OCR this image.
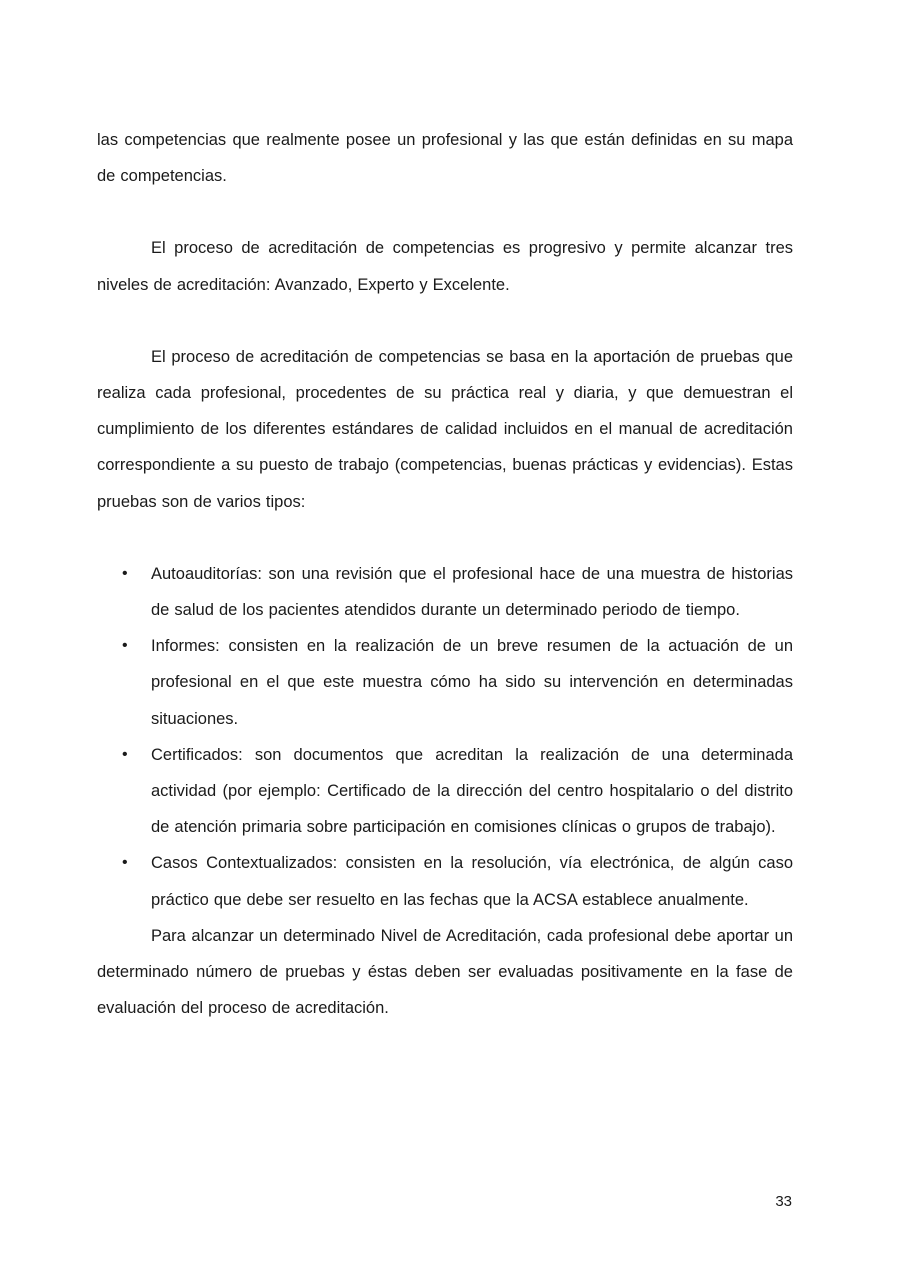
las competencias que realmente posee un profesional y las que están definidas en su mapa de competencias.

El proceso de acreditación de competencias es progresivo y permite alcanzar tres niveles de acreditación: Avanzado, Experto y Excelente.

El proceso de acreditación de competencias se basa en la aportación de pruebas que realiza cada profesional, procedentes de su práctica real y diaria, y que demuestran el cumplimiento de los diferentes estándares de calidad incluidos en el manual de acreditación correspondiente a su puesto de trabajo (competencias, buenas prácticas y evidencias). Estas pruebas son de varios tipos:

• Autoauditorías: son una revisión que el profesional hace de una muestra de historias de salud de los pacientes atendidos durante un determinado periodo de tiempo.

• Informes: consisten en la realización de un breve resumen de la actuación de un profesional en el que este muestra cómo ha sido su intervención en determinadas situaciones.

• Certificados: son documentos que acreditan la realización de una determinada actividad (por ejemplo: Certificado de la dirección del centro hospitalario o del distrito de atención primaria sobre participación en comisiones clínicas o grupos de trabajo).

• Casos Contextualizados: consisten en la resolución, vía electrónica, de algún caso práctico que debe ser resuelto en las fechas que la ACSA establece anualmente.

Para alcanzar un determinado Nivel de Acreditación, cada profesional debe aportar un determinado número de pruebas y éstas deben ser evaluadas positivamente en la fase de evaluación del proceso de acreditación.

33
